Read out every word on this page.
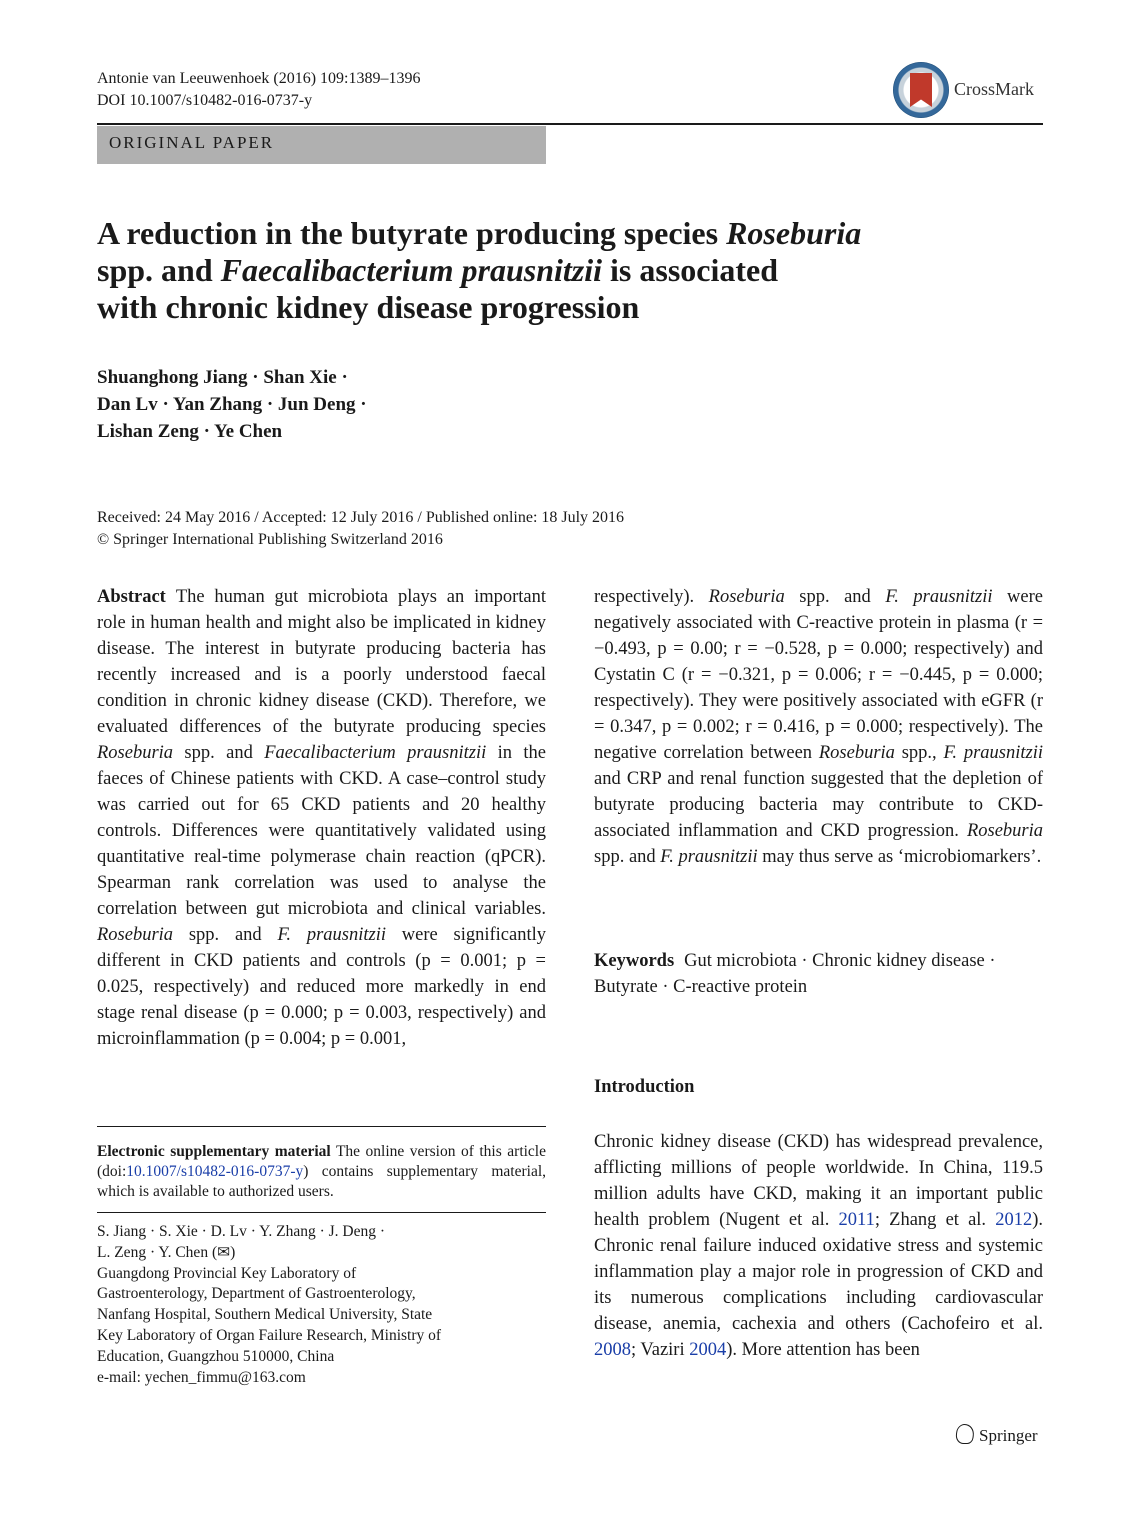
Antonie van Leeuwenhoek (2016) 109:1389–1396
DOI 10.1007/s10482-016-0737-y
CrossMark
ORIGINAL PAPER
A reduction in the butyrate producing species Roseburia
spp. and Faecalibacterium prausnitzii is associated
with chronic kidney disease progression
Shuanghong Jiang · Shan Xie ·
Dan Lv · Yan Zhang · Jun Deng ·
Lishan Zeng · Ye Chen
Received: 24 May 2016 / Accepted: 12 July 2016 / Published online: 18 July 2016
© Springer International Publishing Switzerland 2016
Abstract The human gut microbiota plays an important role in human health and might also be implicated in kidney disease. The interest in butyrate producing bacteria has recently increased and is a poorly understood faecal condition in chronic kidney disease (CKD). Therefore, we evaluated differences of the butyrate producing species Roseburia spp. and Faecalibacterium prausnitzii in the faeces of Chinese patients with CKD. A case–control study was carried out for 65 CKD patients and 20 healthy controls. Differences were quantitatively validated using quantitative real-time polymerase chain reaction (qPCR). Spearman rank correlation was used to analyse the correlation between gut microbiota and clinical variables. Roseburia spp. and F. prausnitzii were significantly different in CKD patients and controls (p = 0.001; p = 0.025, respectively) and reduced more markedly in end stage renal disease (p = 0.000; p = 0.003, respectively) and microinflammation (p = 0.004; p = 0.001,
respectively). Roseburia spp. and F. prausnitzii were negatively associated with C-reactive protein in plasma (r = −0.493, p = 0.00; r = −0.528, p = 0.000; respectively) and Cystatin C (r = −0.321, p = 0.006; r = −0.445, p = 0.000; respectively). They were positively associated with eGFR (r = 0.347, p = 0.002; r = 0.416, p = 0.000; respectively). The negative correlation between Roseburia spp., F. prausnitzii and CRP and renal function suggested that the depletion of butyrate producing bacteria may contribute to CKD-associated inflammation and CKD progression. Roseburia spp. and F. prausnitzii may thus serve as ‘microbiomarkers’.
Keywords Gut microbiota · Chronic kidney disease · Butyrate · C-reactive protein
Introduction
Chronic kidney disease (CKD) has widespread prevalence, afflicting millions of people worldwide. In China, 119.5 million adults have CKD, making it an important public health problem (Nugent et al. 2011; Zhang et al. 2012). Chronic renal failure induced oxidative stress and systemic inflammation play a major role in progression of CKD and its numerous complications including cardiovascular disease, anemia, cachexia and others (Cachofeiro et al. 2008; Vaziri 2004). More attention has been
Electronic supplementary material The online version of this article (doi:10.1007/s10482-016-0737-y) contains supplementary material, which is available to authorized users.
S. Jiang · S. Xie · D. Lv · Y. Zhang · J. Deng ·
L. Zeng · Y. Chen (✉)
Guangdong Provincial Key Laboratory of
Gastroenterology, Department of Gastroenterology,
Nanfang Hospital, Southern Medical University, State
Key Laboratory of Organ Failure Research, Ministry of
Education, Guangzhou 510000, China
e-mail: yechen_fimmu@163.com
Springer
